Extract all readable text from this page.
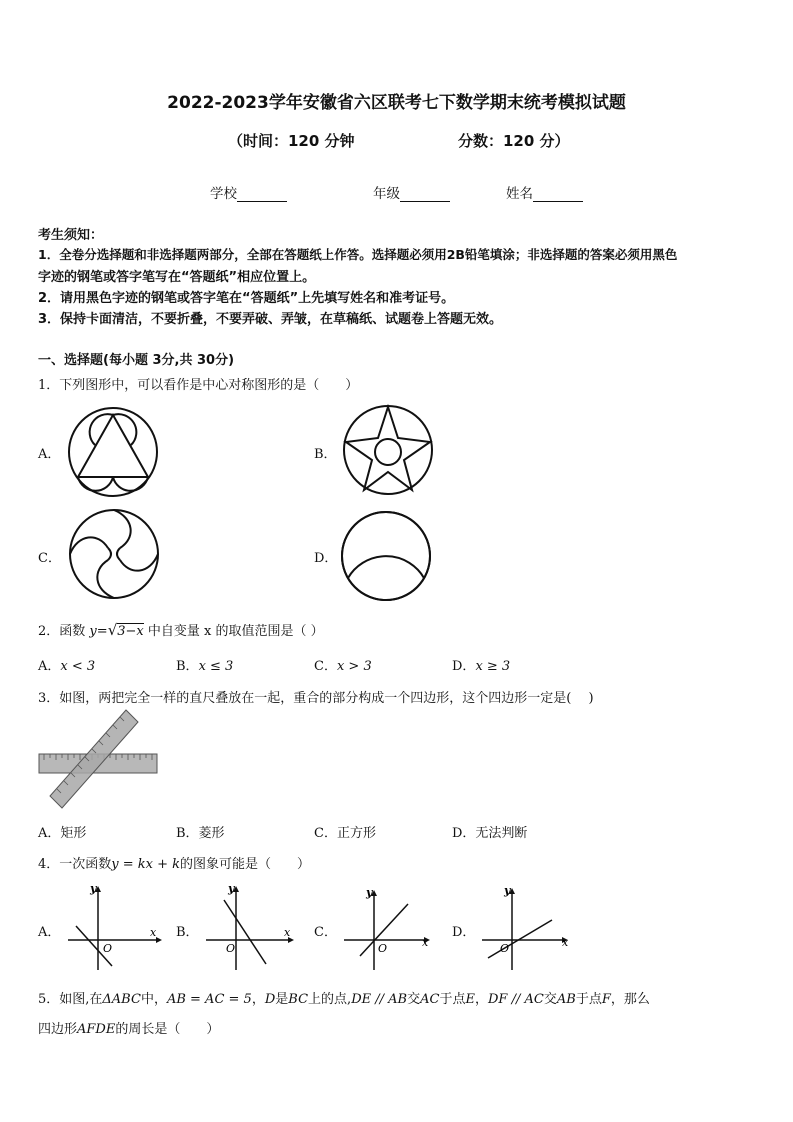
2022-2023学年安徽省六区联考七下数学期末统考模拟试题
（时间：120 分钟	分数：120 分）
学校	年级	姓名
考生须知：
1．全卷分选择题和非选择题两部分，全部在答题纸上作答。选择题必须用2B铅笔填涂；非选择题的答案必须用黑色
字迹的钢笔或答字笔写在“答题纸”相应位置上。
2．请用黑色字迹的钢笔或答字笔在“答题纸”上先填写姓名和准考证号。
3．保持卡面清洁，不要折叠，不要弄破、弄皱，在草稿纸、试题卷上答题无效。
一、选择题(每小题 3分,共 30分)
1．下列图形中，可以看作是中心对称图形的是（　　）
A．	B．
C．	D．
2．函数 y=√3−x 中自变量 x 的取值范围是（ ）
A．x < 3	B．x ≤ 3	C．x > 3	D．x ≥ 3
3．如图，两把完全一样的直尺叠放在一起，重合的部分构成一个四边形，这个四边形一定是(　 )
A．矩形	B．菱形	C．正方形	D．无法判断
4．一次函数y = kx + k的图象可能是（　　）
A．	B．	C．	D．
x
y
O
x
y
O	x
y
O	x
y
O
5．如图,在ΔABC中，AB = AC = 5，D是BC上的点,DE // AB交AC于点E，DF // AC交AB于点F，那么
四边形AFDE的周长是（　　）
